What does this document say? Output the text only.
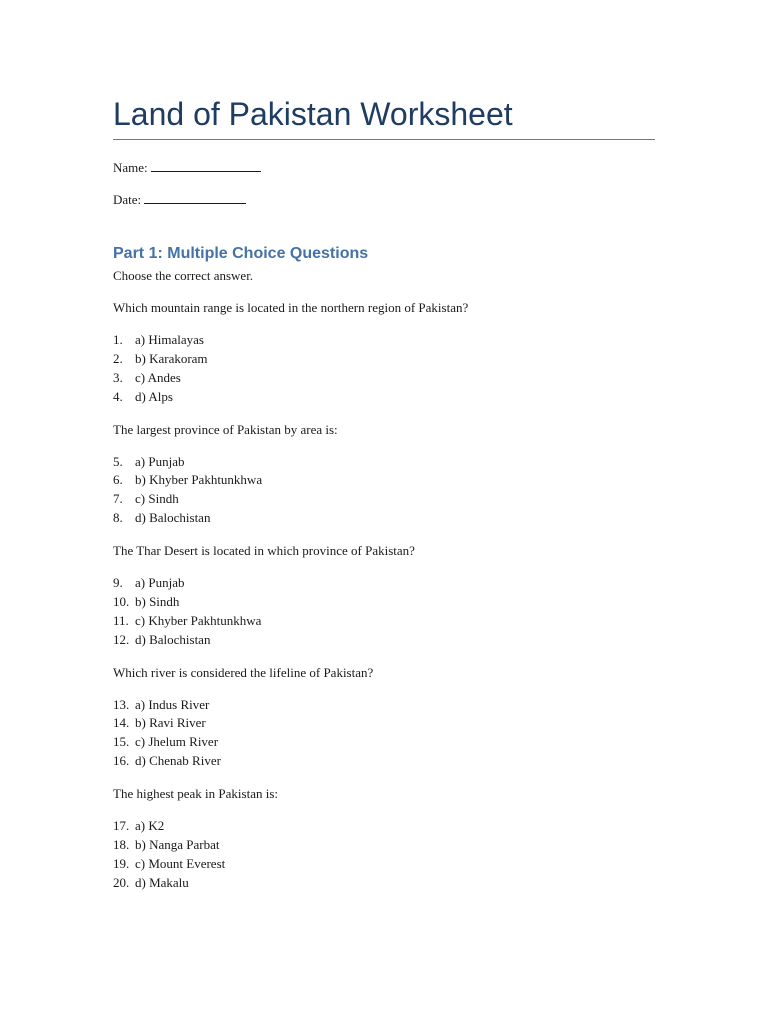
Land of Pakistan Worksheet
Name:
Date:
Part 1: Multiple Choice Questions
Choose the correct answer.
Which mountain range is located in the northern region of Pakistan?
1. a) Himalayas
2. b) Karakoram
3. c) Andes
4. d) Alps
The largest province of Pakistan by area is:
5. a) Punjab
6. b) Khyber Pakhtunkhwa
7. c) Sindh
8. d) Balochistan
The Thar Desert is located in which province of Pakistan?
9. a) Punjab
10. b) Sindh
11. c) Khyber Pakhtunkhwa
12. d) Balochistan
Which river is considered the lifeline of Pakistan?
13. a) Indus River
14. b) Ravi River
15. c) Jhelum River
16. d) Chenab River
The highest peak in Pakistan is:
17. a) K2
18. b) Nanga Parbat
19. c) Mount Everest
20. d) Makalu
